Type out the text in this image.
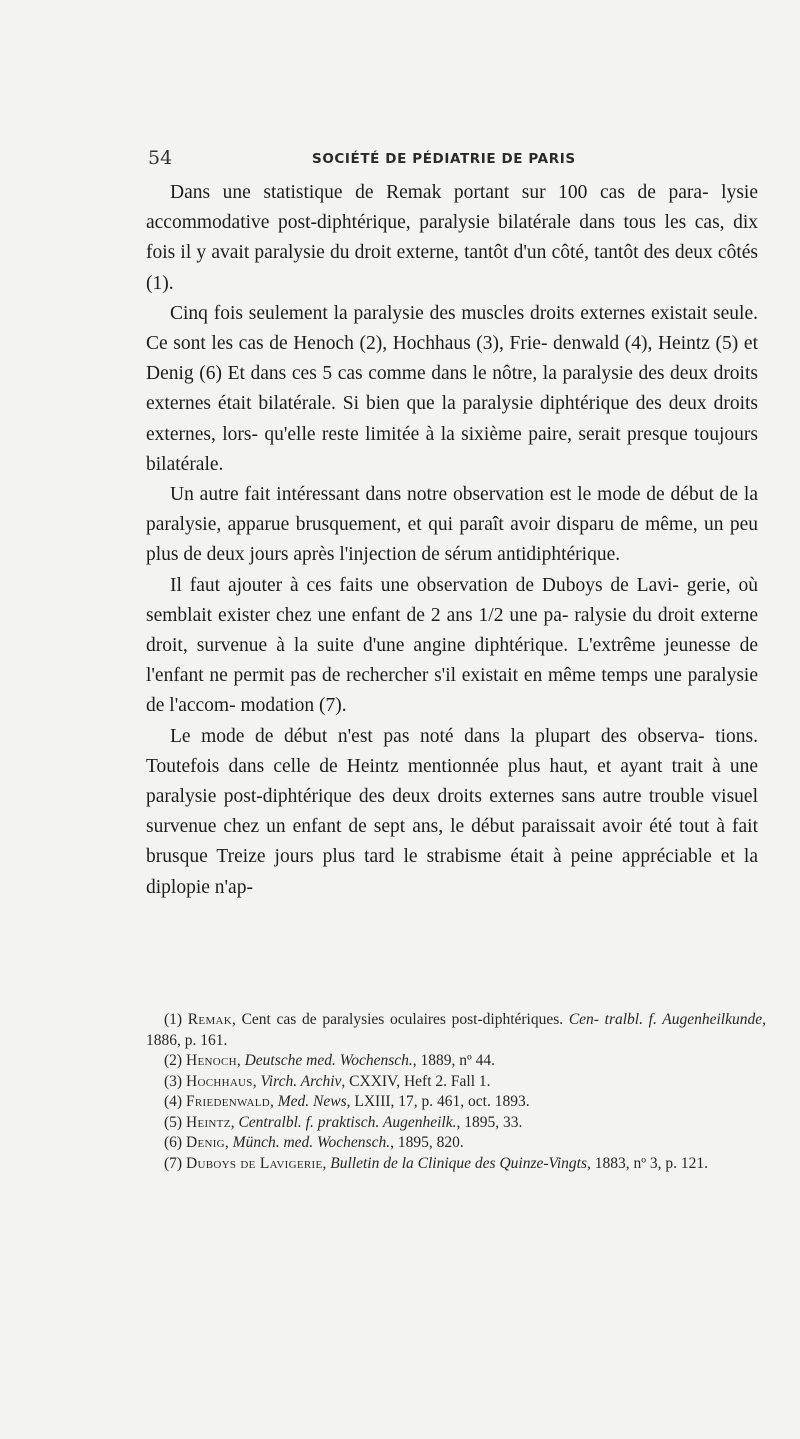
54	SOCIÉTÉ DE PÉDIATRIE DE PARIS

Dans une statistique de Remak portant sur 100 cas de para- lysie accommodative post-diphtérique, paralysie bilatérale dans tous les cas, dix fois il y avait paralysie du droit externe, tantôt d'un côté, tantôt des deux côtés (1).

Cinq fois seulement la paralysie des muscles droits externes existait seule. Ce sont les cas de Henoch (2), Hochhaus (3), Frie- denwald (4), Heintz (5) et Denig (6) Et dans ces 5 cas comme dans le nôtre, la paralysie des deux droits externes était bilatérale. Si bien que la paralysie diphtérique des deux droits externes, lors- qu'elle reste limitée à la sixième paire, serait presque toujours bilatérale.

Un autre fait intéressant dans notre observation est le mode de début de la paralysie, apparue brusquement, et qui paraît avoir disparu de même, un peu plus de deux jours après l'injection de sérum antidiphtérique.

Il faut ajouter à ces faits une observation de Duboys de Lavi- gerie, où semblait exister chez une enfant de 2 ans 1/2 une pa- ralysie du droit externe droit, survenue à la suite d'une angine diphtérique. L'extrême jeunesse de l'enfant ne permit pas de rechercher s'il existait en même temps une paralysie de l'accom- modation (7).

Le mode de début n'est pas noté dans la plupart des observa- tions. Toutefois dans celle de Heintz mentionnée plus haut, et ayant trait à une paralysie post-diphtérique des deux droits externes sans autre trouble visuel survenue chez un enfant de sept ans, le début paraissait avoir été tout à fait brusque Treize jours plus tard le strabisme était à peine appréciable et la diplopie n'ap-

(1) Remak, Cent cas de paralysies oculaires post-diphtériques. Cen- tralbl. f. Augenheilkunde, 1886, p. 161.

(2) Henoch, Deutsche med. Wochensch., 1889, nº 44.

(3) Hochhaus, Virch. Archiv, CXXIV, Heft 2. Fall 1.

(4) Friedenwald, Med. News, LXIII, 17, p. 461, oct. 1893.

(5) Heintz, Centralbl. f. praktisch. Augenheilk., 1895, 33.

(6) Denig, Münch. med. Wochensch., 1895, 820.

(7) Duboys de Lavigerie, Bulletin de la Clinique des Quinze-Vingts, 1883, nº 3, p. 121.
